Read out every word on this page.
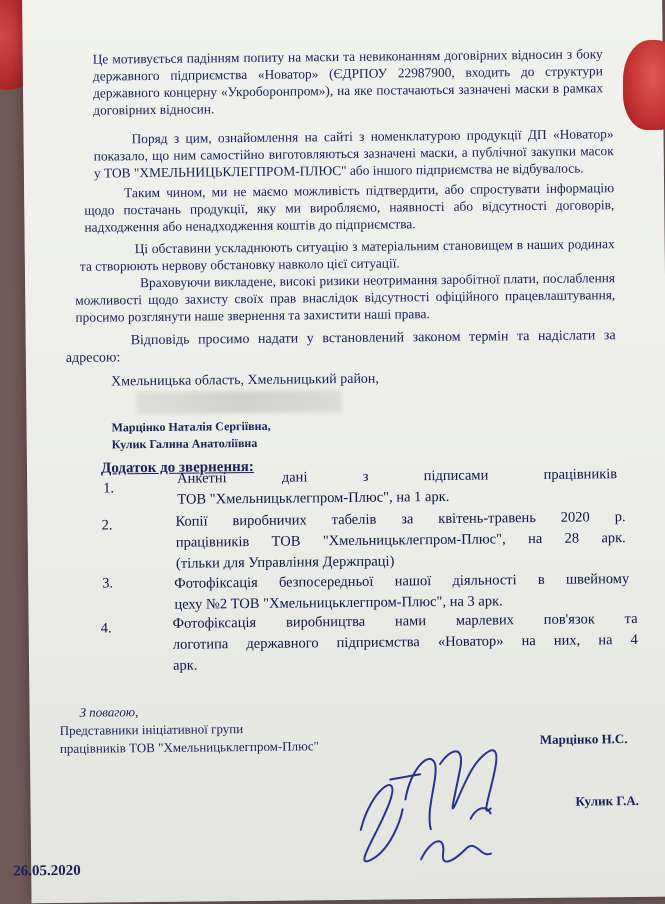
Це мотивується падінням попиту на маски та невиконанням договірних відносин з боку державного підприємства «Новатор» (ЄДРПОУ 22987900, входить до структури державного концерну «Укроборонпром»), на яке постачаються зазначені маски в рамках договірних відносин.

Поряд з цим, ознайомлення на сайті з номенклатурою продукції ДП «Новатор» показало, що ним самостійно виготовляються зазначені маски, а публічної закупки масок у ТОВ "ХМЕЛЬНИЦЬКЛЕГПРОМ-ПЛЮС" або іншого підприємства не відбувалось.

Таким чином, ми не маємо можливість підтвердити, або спростувати інформацію щодо постачань продукції, яку ми виробляємо, наявності або відсутності договорів, надходження або ненадходження коштів до підприємства.

Ці обставини ускладнюють ситуацію з матеріальним становищем в наших родинах та створюють нервову обстановку навколо цієї ситуації.

Враховуючи викладене, високі ризики неотримання заробітної плати, послаблення можливості щодо захисту своїх прав внаслідок відсутності офіційного працевлаштування, просимо розглянути наше звернення та захистити наші права.

Відповідь просимо надати у встановлений законом термін та надіслати за адресою:

Хмельницька область, Хмельницький район,
Марцінко Наталія Сергіївна,
Кулик Галина Анатоліївна
Додаток до звернення:
1.
Анкетні дані з підписами працівників
ТОВ "Хмельницьклегпром-Плюс", на 1 арк.
2.	Копії виробничих табелів за квітень-травень 2020 р.
працівників ТОВ "Хмельницьклегпром-Плюс", на 28 арк.
(тільки для Управління Держпраці)
3.	Фотофіксація безпосередньої нашої діяльності в швейному
цеху №2 ТОВ "Хмельницьклегпром-Плюс", на 3 арк.
4.	Фотофіксація виробництва нами марлевих пов'язок та
логотипа державного підприємства «Новатор» на них, на 4
арк.
З повагою,
Представники ініціативної групи
працівників ТОВ "Хмельницьклегпром-Плюс"	Марцінко Н.С.
Кулик Г.А.
26.05.2020
